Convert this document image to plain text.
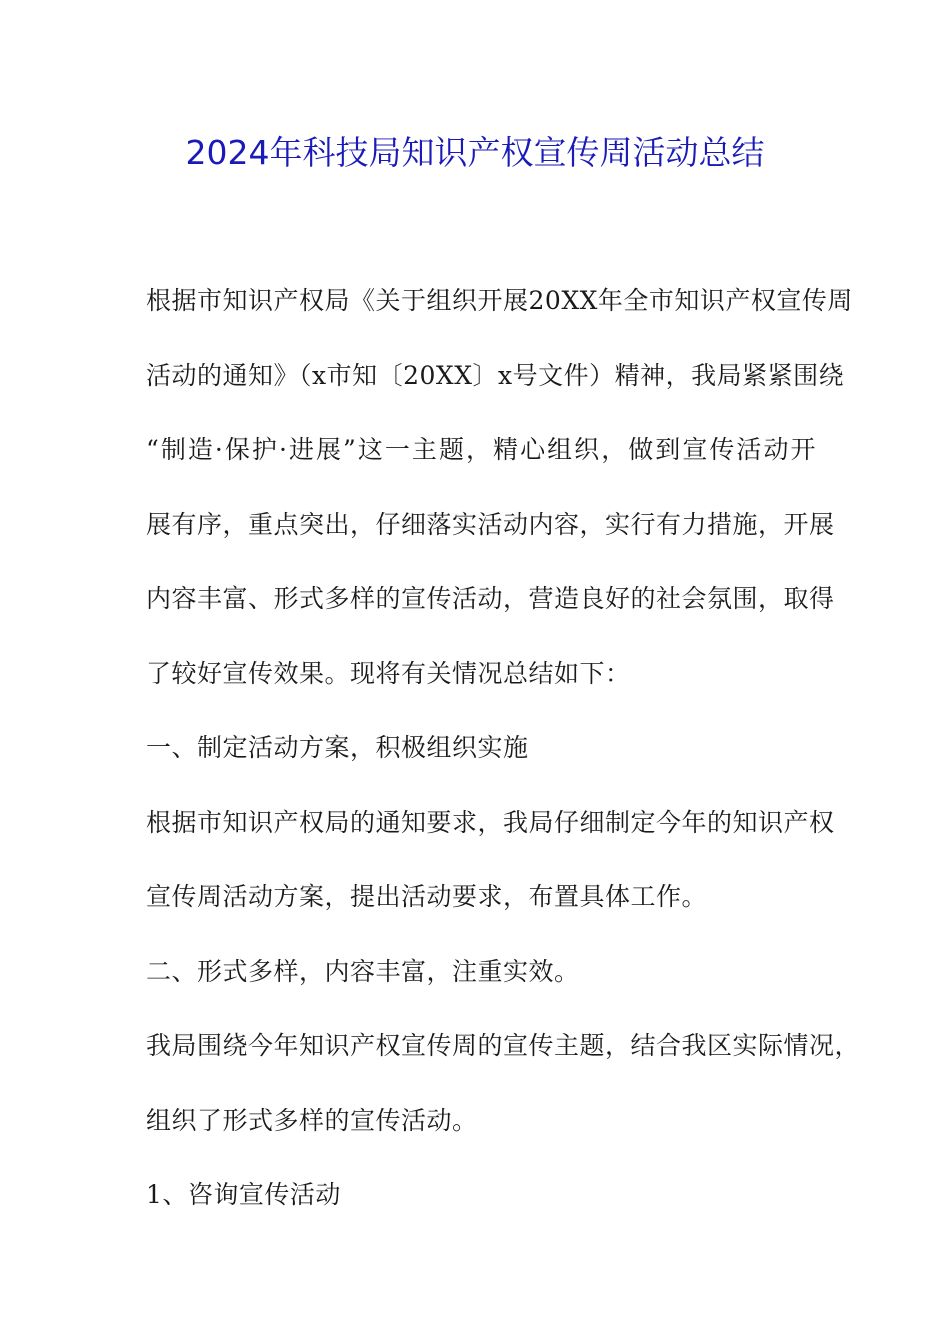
2024年科技局知识产权宣传周活动总结
根据市知识产权局《关于组织开展20XX年全市知识产权宣传周
活动的通知》（x市知〔20XX〕x号文件）精神，我局紧紧围绕
“制造·保护·进展”这一主题，精心组织，做到宣传活动开
展有序，重点突出，仔细落实活动内容，实行有力措施，开展
内容丰富、形式多样的宣传活动，营造良好的社会氛围，取得
了较好宣传效果。现将有关情况总结如下：
一、制定活动方案，积极组织实施
根据市知识产权局的通知要求，我局仔细制定今年的知识产权
宣传周活动方案，提出活动要求，布置具体工作。
二、形式多样，内容丰富，注重实效。
我局围绕今年知识产权宣传周的宣传主题，结合我区实际情况，
组织了形式多样的宣传活动。
1、咨询宣传活动
